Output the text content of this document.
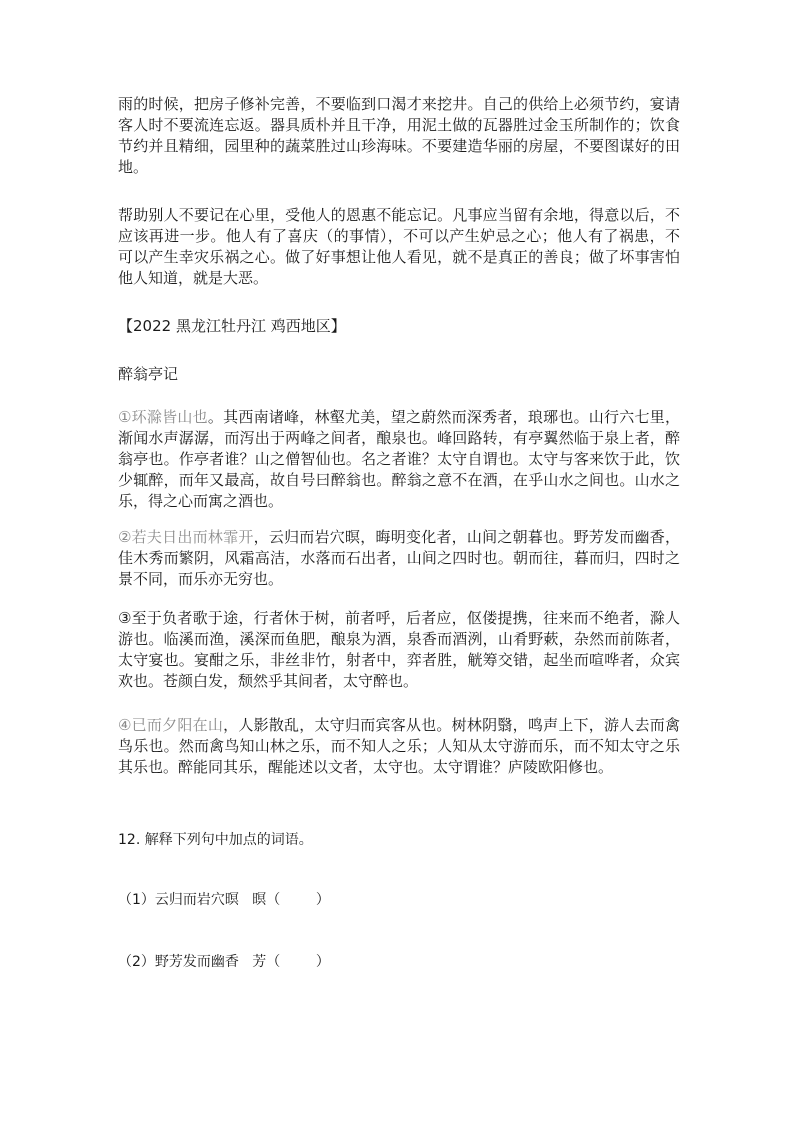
雨的时候，把房子修补完善，不要临到口渴才来挖井。自己的供给上必须节约，宴请客人时不要流连忘返。器具质朴并且干净，用泥土做的瓦器胜过金玉所制作的；饮食节约并且精细，园里种的蔬菜胜过山珍海味。不要建造华丽的房屋，不要图谋好的田地。

帮助别人不要记在心里，受他人的恩惠不能忘记。凡事应当留有余地，得意以后，不应该再进一步。他人有了喜庆（的事情），不可以产生妒忌之心；他人有了祸患，不可以产生幸灾乐祸之心。做了好事想让他人看见，就不是真正的善良；做了坏事害怕他人知道，就是大恶。

【2022 黑龙江牡丹江 鸡西地区】

醉翁亭记

①环滁皆山也。其西南诸峰，林壑尤美，望之蔚然而深秀者，琅琊也。山行六七里，渐闻水声潺潺，而泻出于两峰之间者，酿泉也。峰回路转，有亭翼然临于泉上者，醉翁亭也。作亭者谁？山之僧智仙也。名之者谁？太守自谓也。太守与客来饮于此，饮少辄醉，而年又最高，故自号曰醉翁也。醉翁之意不在酒，在乎山水之间也。山水之乐，得之心而寓之酒也。

②若夫日出而林霏开，云归而岩穴暝，晦明变化者，山间之朝暮也。野芳发而幽香，佳木秀而繁阴，风霜高洁，水落而石出者，山间之四时也。朝而往，暮而归，四时之景不同，而乐亦无穷也。

③至于负者歌于途，行者休于树，前者呼，后者应，伛偻提携，往来而不绝者，滁人游也。临溪而渔，溪深而鱼肥，酿泉为酒，泉香而酒洌，山肴野蔌，杂然而前陈者，太守宴也。宴酣之乐，非丝非竹，射者中，弈者胜，觥筹交错，起坐而喧哗者，众宾欢也。苍颜白发，颓然乎其间者，太守醉也。

④已而夕阳在山，人影散乱，太守归而宾客从也。树林阴翳，鸣声上下，游人去而禽鸟乐也。然而禽鸟知山林之乐，而不知人之乐；人知从太守游而乐，而不知太守之乐其乐也。醉能同其乐，醒能述以文者，太守也。太守谓谁？庐陵欧阳修也。

12. 解释下列句中加点的词语。

（1）云归而岩穴暝   暝（        ）

（2）野芳发而幽香   芳（        ）
